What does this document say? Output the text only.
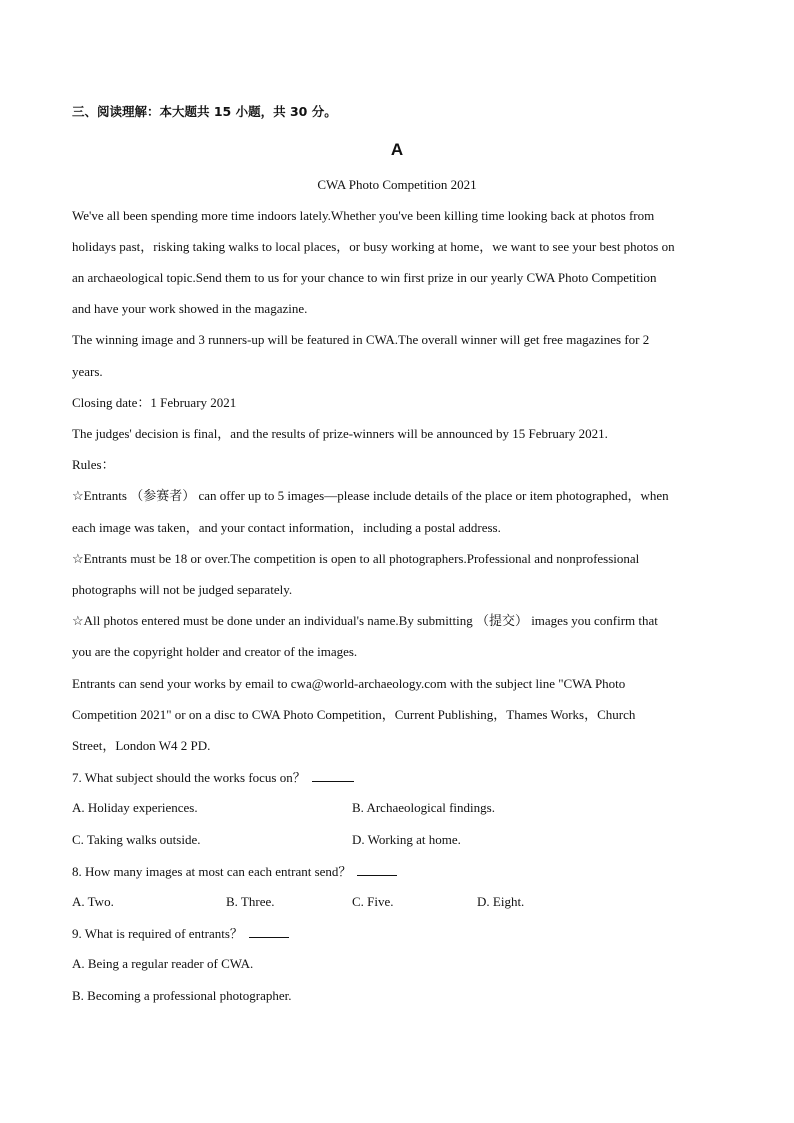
三、阅读理解：本大题共 15 小题，共 30 分。
A
CWA Photo Competition 2021
We've all been spending more time indoors lately.Whether you've been killing time looking back at photos from
holidays past，risking taking walks to local places，or busy working at home，we want to see your best photos on
an archaeological topic.Send them to us for your chance to win first prize in our yearly CWA Photo Competition
and have your work showed in the magazine.
The winning image and 3 runners-up will be featured in CWA.The overall winner will get free magazines for 2
years.
Closing date：1 February 2021
The judges' decision is final，and the results of prize-winners will be announced by 15 February 2021.
Rules：
☆Entrants （参赛者） can offer up to 5 images—please include details of the place or item photographed，when
each image was taken，and your contact information，including a postal address.
☆Entrants must be 18 or over.The competition is open to all photographers.Professional and nonprofessional
photographs will not be judged separately.
☆All photos entered must be done under an individual's name.By submitting （提交） images you confirm that
you are the copyright holder and creator of the images.
Entrants can send your works by email to cwa@world-archaeology.com with the subject line "CWA Photo
Competition 2021" or on a disc to CWA Photo Competition，Current Publishing，Thames Works，Church
Street，London W4 2 PD.
7. What subject should the works focus on？
A. Holiday experiences.	B. Archaeological findings.
C. Taking walks outside.	D. Working at home.
8. How many images at most can each entrant send？
A. Two.	B. Three.	C. Five.	D. Eight.
9. What is required of entrants？
A. Being a regular reader of CWA.
B. Becoming a professional photographer.
